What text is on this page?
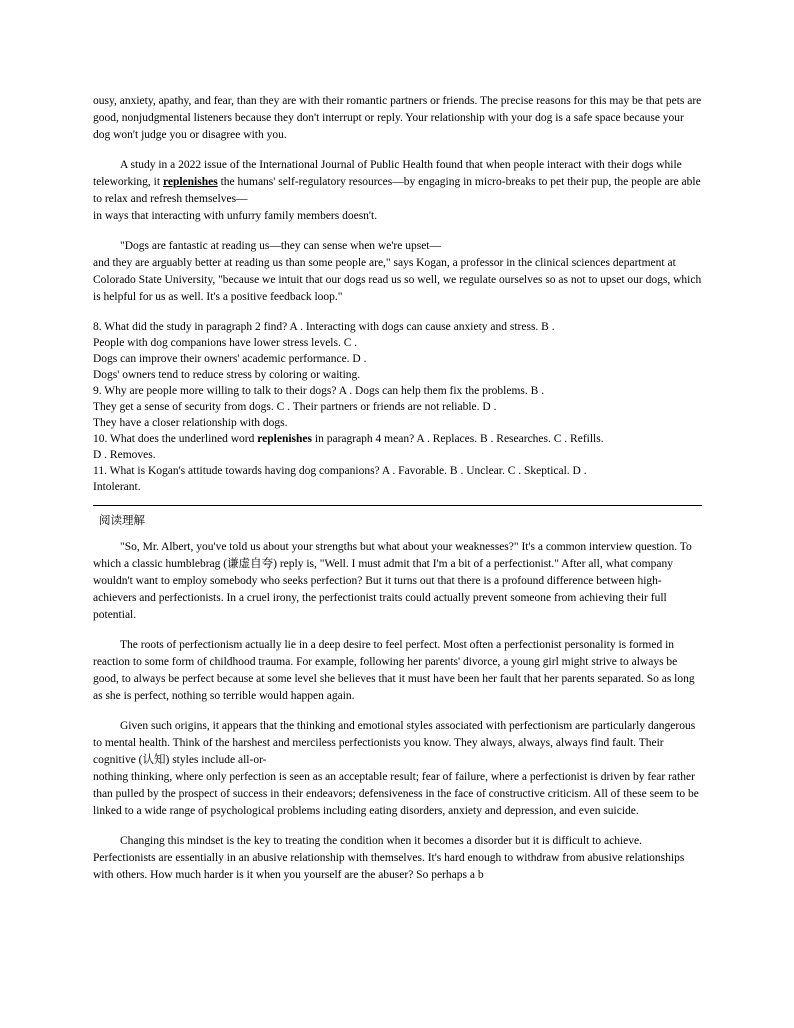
ousy, anxiety, apathy, and fear, than they are with their romantic partners or friends. The precise reasons for this may be that pets are good, nonjudgmental listeners because they don't interrupt or reply. Your relationship with your dog is a safe space because your dog won't judge you or disagree with you.

A study in a 2022 issue of the International Journal of Public Health found that when people interact with their dogs while teleworking, it replenishes the humans' self-regulatory resources—by engaging in micro-breaks to pet their pup, the people are able to relax and refresh themselves—

in ways that interacting with unfurry family members doesn't.

"Dogs are fantastic at reading us—they can sense when we're upset—

and they are arguably better at reading us than some people are," says Kogan, a professor in the clinical sciences department at Colorado State University, "because we intuit that our dogs read us so well, we regulate ourselves so as not to upset our dogs, which is helpful for us as well. It's a positive feedback loop."

8. What did the study in paragraph 2 find? A . Interacting with dogs can cause anxiety and stress. B .

People with dog companions have lower stress levels. C .

Dogs can improve their owners' academic performance. D .

Dogs' owners tend to reduce stress by coloring or waiting.

9. Why are people more willing to talk to their dogs? A . Dogs can help them fix the problems. B .

They get a sense of security from dogs. C . Their partners or friends are not reliable. D .

They have a closer relationship with dogs.

10. What does the underlined word replenishes in paragraph 4 mean? A . Replaces. B . Researches. C . Refills.

D . Removes.

11. What is Kogan's attitude towards having dog companions? A . Favorable. B . Unclear. C . Skeptical. D .

Intolerant.

阅读理解

"So, Mr. Albert, you've told us about your strengths but what about your weaknesses?" It's a common interview question. To which a classic humblebrag (谦虚自夸) reply is, "Well. I must admit that I'm a bit of a perfectionist." After all, what company wouldn't want to employ somebody who seeks perfection? But it turns out that there is a profound difference between high-

achievers and perfectionists. In a cruel irony, the perfectionist traits could actually prevent someone from achieving their full potential.

The roots of perfectionism actually lie in a deep desire to feel perfect. Most often a perfectionist personality is formed in reaction to some form of childhood trauma. For example, following her parents' divorce, a young girl might strive to always be good, to always be perfect because at some level she believes that it must have been her fault that her parents separated. So as long as she is perfect, nothing so terrible would happen again.

Given such origins, it appears that the thinking and emotional styles associated with perfectionism are particularly dangerous to mental health. Think of the harshest and merciless perfectionists you know. They always, always, always find fault. Their cognitive (认知) styles include all-or-

nothing thinking, where only perfection is seen as an acceptable result; fear of failure, where a perfectionist is driven by fear rather than pulled by the prospect of success in their endeavors; defensiveness in the face of constructive criticism. All of these seem to be linked to a wide range of psychological problems including eating disorders, anxiety and depression, and even suicide.

Changing this mindset is the key to treating the condition when it becomes a disorder but it is difficult to achieve. Perfectionists are essentially in an abusive relationship with themselves. It's hard enough to withdraw from abusive relationships with others. How much harder is it when you yourself are the abuser? So perhaps a b
